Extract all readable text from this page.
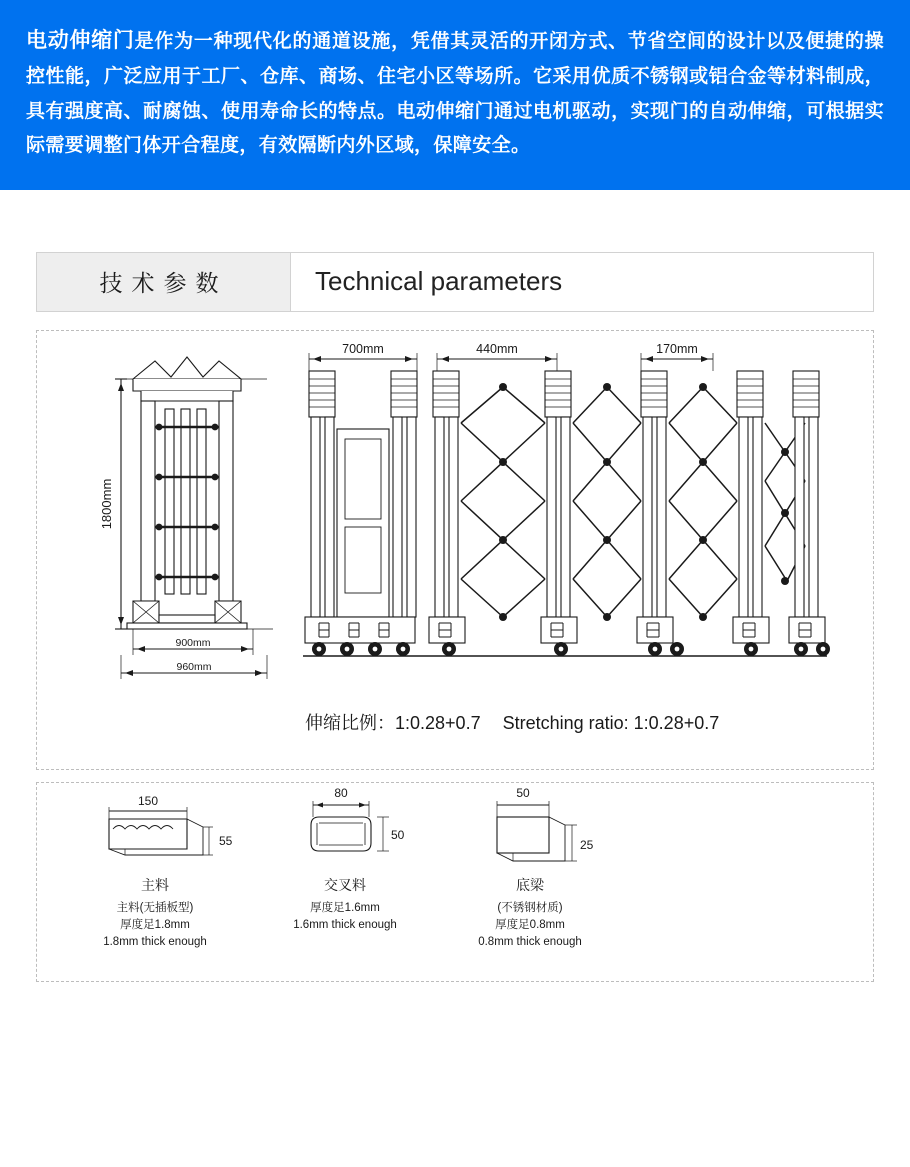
电动伸缩门是作为一种现代化的通道设施，凭借其灵活的开闭方式、节省空间的设计以及便捷的操控性能，广泛应用于工厂、仓库、商场、住宅小区等场所。它采用优质不锈钢或铝合金等材料制成，具有强度高、耐腐蚀、使用寿命长的特点。电动伸缩门通过电机驱动，实现门的自动伸缩，可根据实际需要调整门体开合程度，有效隔断内外区域，保障安全。

技术参数	Technical parameters
700mm	440mm	170mm
1800mm
900mm
960mm
伸缩比例：1:0.28+0.7 Stretching ratio: 1:0.28+0.7
150
55
80
50
50
25
主料
主料(无插板型)
厚度足1.8mm
1.8mm thick enough
交叉料
厚度足1.6mm
1.6mm thick enough
底梁
(不锈钢材质)
厚度足0.8mm
0.8mm thick enough
